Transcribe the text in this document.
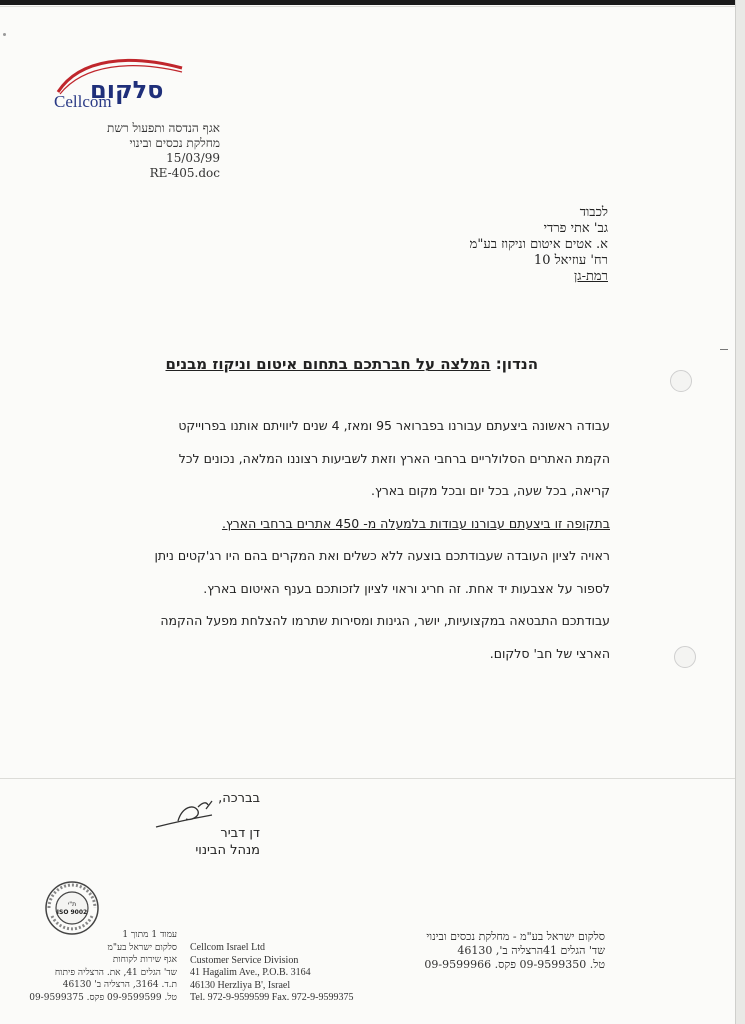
סלקום
Cellcom
אגף הנדסה ותפעול רשת
מחלקת נכסים ובינוי
15/03/99
RE-405.doc
לכבוד
גב' אתי פרדי
א. אטים איטום וניקוז בע"מ
רח' עוזיאל 10
רמת-גן
הנדון: המלצה על חברתכם בתחום איטום וניקוז מבנים
עבודה ראשונה ביצעתם עבורנו בפברואר 95 ומאז, 4 שנים ליוויתם אותנו בפרוייקט
הקמת האתרים הסלולריים ברחבי הארץ וזאת לשביעות רצוננו המלאה, נכונים לכל
קריאה, בכל שעה, בכל יום ובכל מקום בארץ.
בתקופה זו ביצעתם עבורנו עבודות בלמעלה מ- 450 אתרים ברחבי הארץ.
ראויה לציון העובדה שעבודתכם בוצעה ללא כשלים ואת המקרים בהם היו רג'קטים ניתן
לספור על אצבעות יד אחת. זה חריג וראוי לציון לזכותכם בענף האיטום בארץ.
עבודתכם התבטאה במקצועיות, יושר, הגינות ומסירות שתרמו להצלחת מפעל ההקמה
הארצי של חב' סלקום.
בברכה,
דן דביר
מנהל הבינוי
ת"י
ISO 9002
עמוד 1 מתוך 1
סלקום ישראל בע"מ
אגף שירות לקוחות
שד' הגלים 41, את. הרצליה פיתוח
ת.ד. 3164, הרצליה ב' 46130
טל. 09-9599599 פקס. 09-9599375
Cellcom Israel Ltd
Customer Service Division
41 Hagalim Ave., P.O.B. 3164
46130 Herzliya B', Israel
Tel. 972-9-9599599 Fax. 972-9-9599375
סלקום ישראל בע"מ - מחלקת נכסים ובינוי
שד' הגלים 41הרצליה ב', 46130
טל. 09-9599350 פקס. 09-9599966
